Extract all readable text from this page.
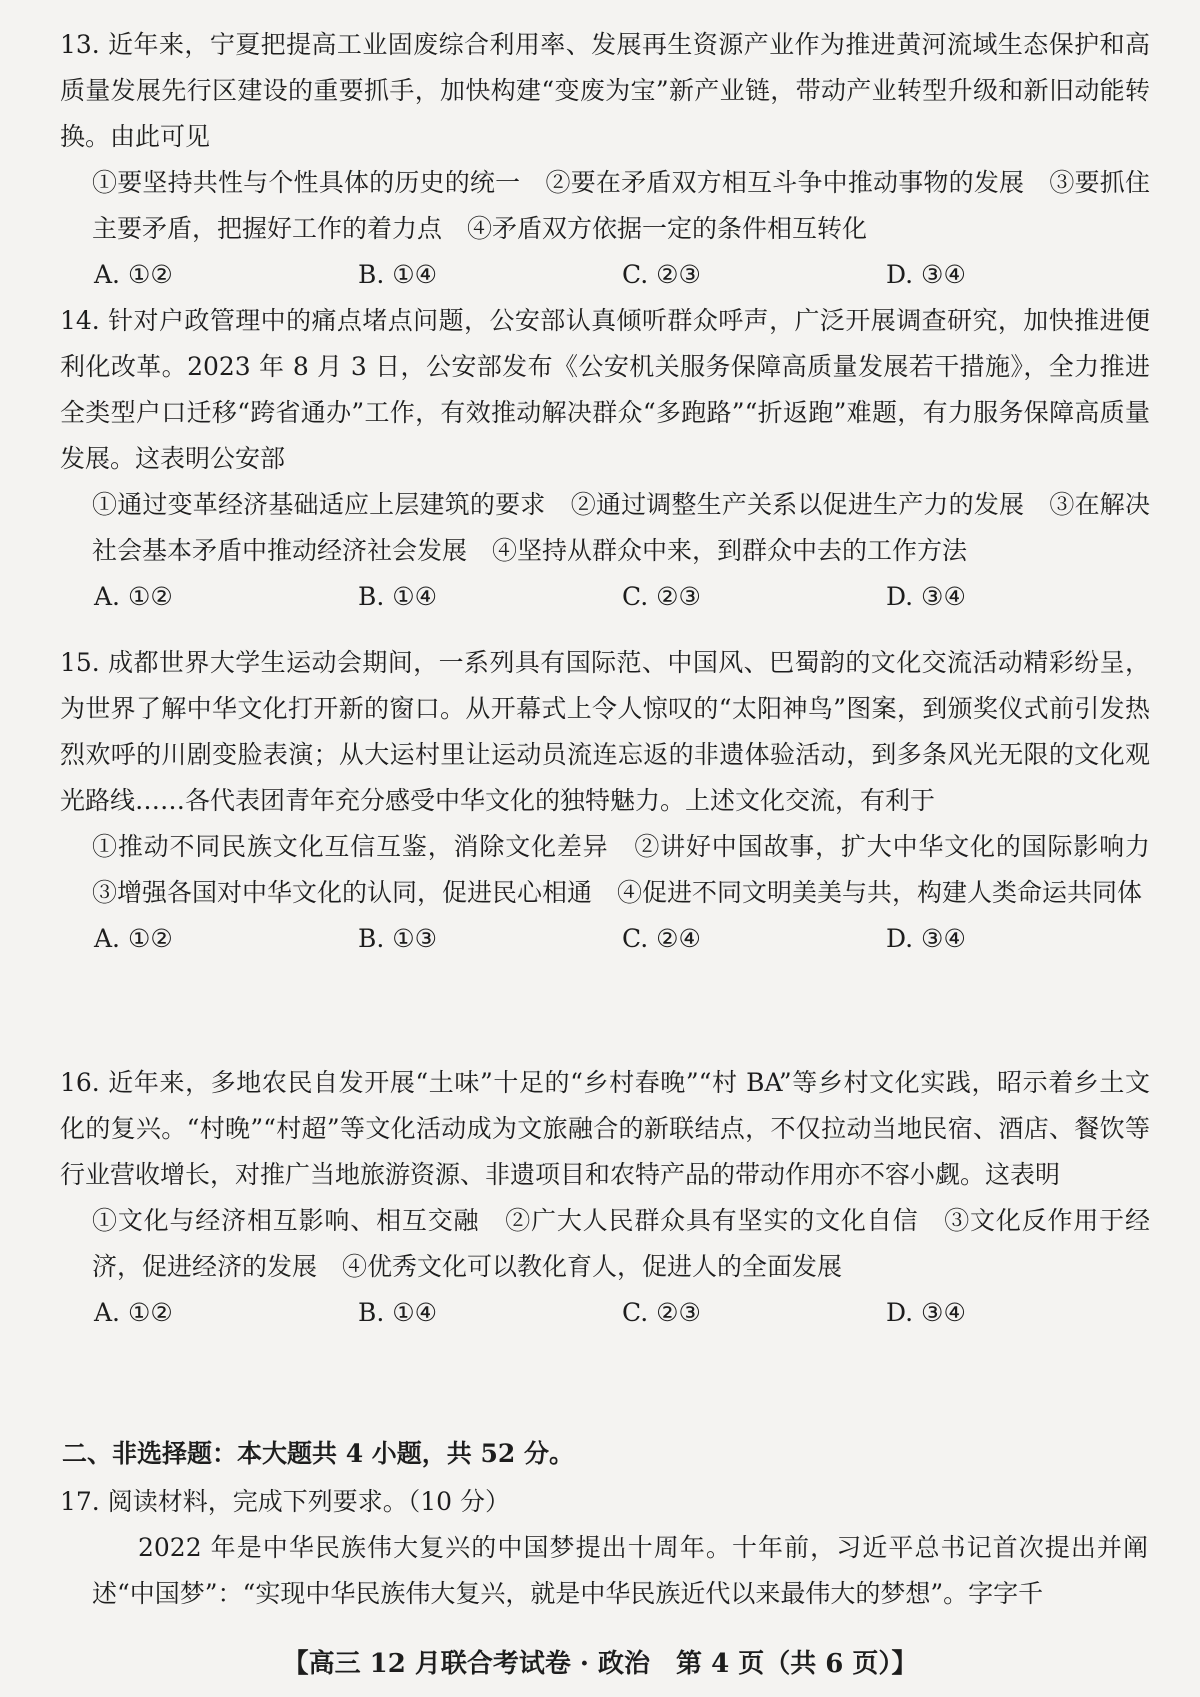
13. 近年来，宁夏把提高工业固废综合利用率、发展再生资源产业作为推进黄河流域生态保护和高质量发展先行区建设的重要抓手，加快构建“变废为宝”新产业链，带动产业转型升级和新旧动能转换。由此可见

①要坚持共性与个性具体的历史的统一　②要在矛盾双方相互斗争中推动事物的发展　③要抓住主要矛盾，把握好工作的着力点　④矛盾双方依据一定的条件相互转化

A. ①②	B. ①④	C. ②③	D. ③④

14. 针对户政管理中的痛点堵点问题，公安部认真倾听群众呼声，广泛开展调查研究，加快推进便利化改革。2023 年 8 月 3 日，公安部发布《公安机关服务保障高质量发展若干措施》，全力推进全类型户口迁移“跨省通办”工作，有效推动解决群众“多跑路”“折返跑”难题，有力服务保障高质量发展。这表明公安部

①通过变革经济基础适应上层建筑的要求　②通过调整生产关系以促进生产力的发展　③在解决社会基本矛盾中推动经济社会发展　④坚持从群众中来，到群众中去的工作方法

A. ①②	B. ①④	C. ②③	D. ③④

15. 成都世界大学生运动会期间，一系列具有国际范、中国风、巴蜀韵的文化交流活动精彩纷呈，为世界了解中华文化打开新的窗口。从开幕式上令人惊叹的“太阳神鸟”图案，到颁奖仪式前引发热烈欢呼的川剧变脸表演；从大运村里让运动员流连忘返的非遗体验活动，到多条风光无限的文化观光路线……各代表团青年充分感受中华文化的独特魅力。上述文化交流，有利于

①推动不同民族文化互信互鉴，消除文化差异　②讲好中国故事，扩大中华文化的国际影响力　③增强各国对中华文化的认同，促进民心相通　④促进不同文明美美与共，构建人类命运共同体

A. ①②	B. ①③	C. ②④	D. ③④

16. 近年来，多地农民自发开展“土味”十足的“乡村春晚”“村 BA”等乡村文化实践，昭示着乡土文化的复兴。“村晚”“村超”等文化活动成为文旅融合的新联结点，不仅拉动当地民宿、酒店、餐饮等行业营收增长，对推广当地旅游资源、非遗项目和农特产品的带动作用亦不容小觑。这表明

①文化与经济相互影响、相互交融　②广大人民群众具有坚实的文化自信　③文化反作用于经济，促进经济的发展　④优秀文化可以教化育人，促进人的全面发展

A. ①②	B. ①④	C. ②③	D. ③④
二、非选择题：本大题共 4 小题，共 52 分。
17. 阅读材料，完成下列要求。（10 分）

2022 年是中华民族伟大复兴的中国梦提出十周年。十年前，习近平总书记首次提出并阐述“中国梦”：“实现中华民族伟大复兴，就是中华民族近代以来最伟大的梦想”。字字千

【高三 12 月联合考试卷 · 政治　第 4 页（共 6 页）】
